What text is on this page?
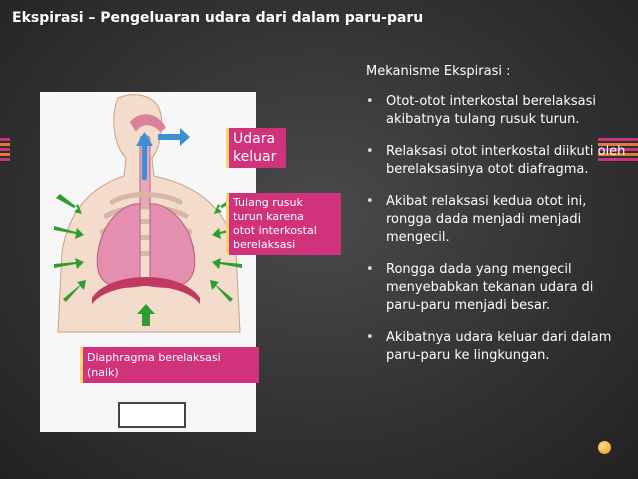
Ekspirasi – Pengeluaran udara dari dalam paru-paru
Udara
keluar
Tulang rusuk
turun karena
otot interkostal
berelaksasi
Diaphragma berelaksasi
(naik)
Mekanisme Ekspirasi :
• Otot-otot interkostal berelaksasi akibatnya tulang rusuk turun.
• Relaksasi otot interkostal diikuti oleh berelaksasinya otot diafragma.
• Akibat relaksasi kedua otot ini, rongga dada menjadi menjadi mengecil.
• Rongga dada yang mengecil menyebabkan tekanan udara di paru-paru menjadi besar.
• Akibatnya udara keluar dari dalam paru-paru ke lingkungan.
